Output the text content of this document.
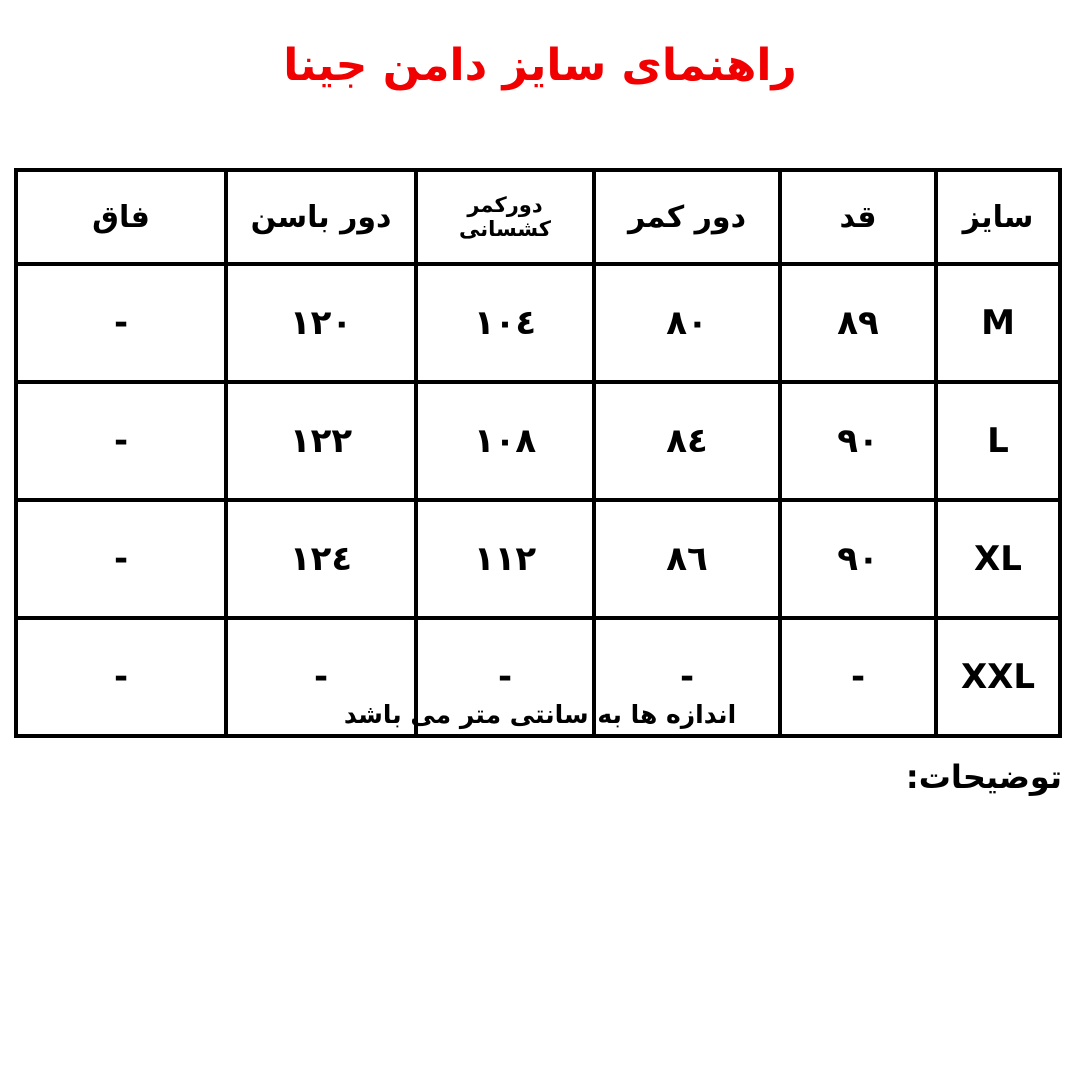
راهنمای سایز دامن جینا
سایز	قد	دور کمر	دورکمر کشسانی	دور باسن	فاق
M	٨٩	٨٠	١٠٤	١٢٠	-
L	٩٠	٨٤	١٠٨	١٢٢	-
XL	٩٠	٨٦	١١٢	١٢٤	-
XXL	-	-	-	-	-
اندازه ها به سانتی متر می باشد
توضیحات:
